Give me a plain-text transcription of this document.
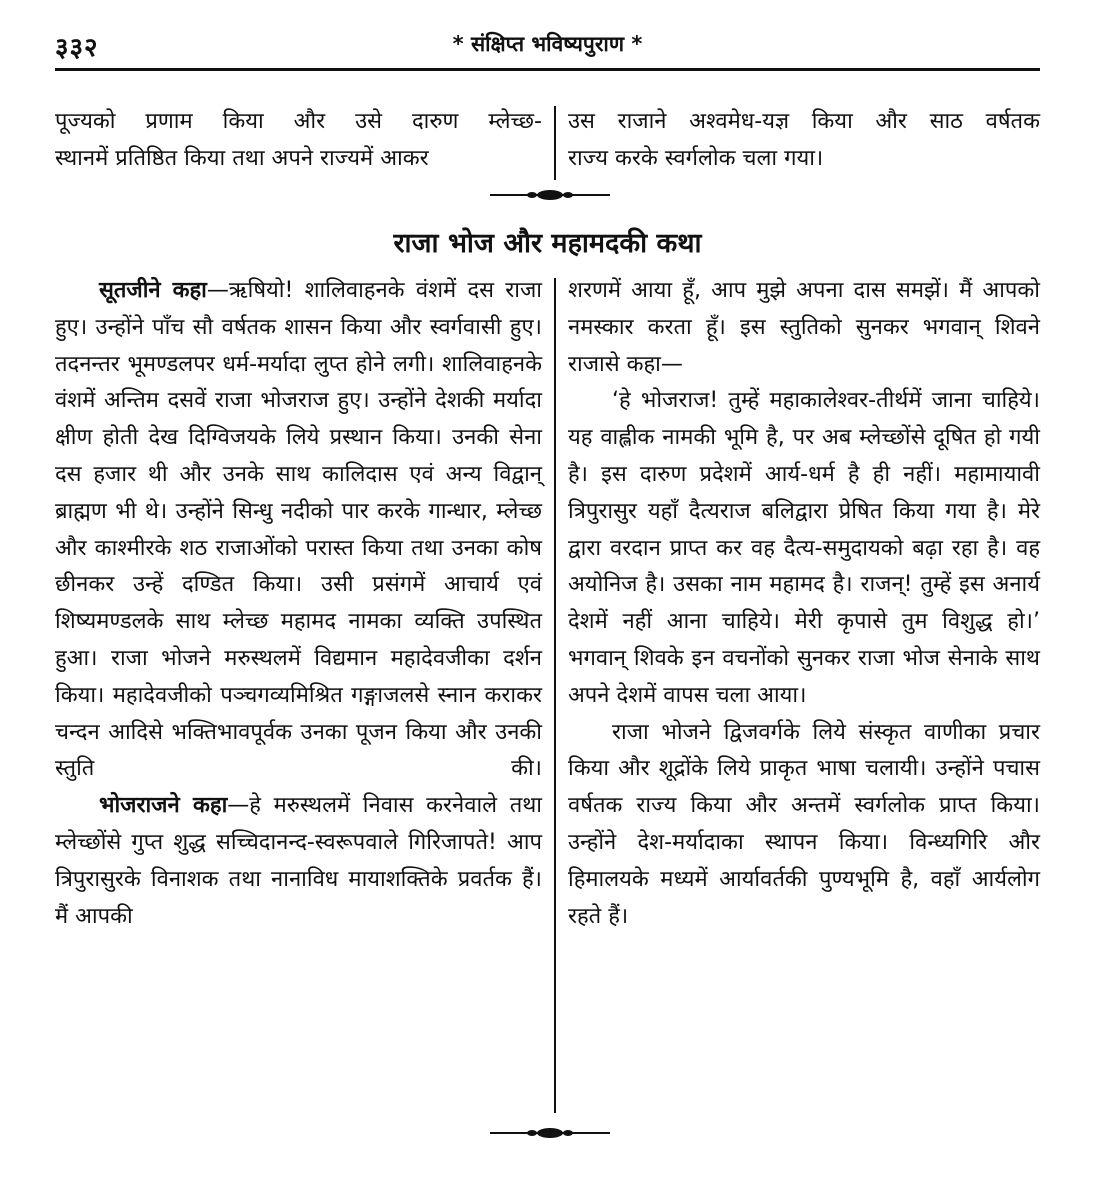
३३२	* संक्षिप्त भविष्यपुराण *

पूज्यको प्रणाम किया और उसे दारुण म्लेच्छ-

स्थानमें प्रतिष्ठित किया तथा अपने राज्यमें आकर

उस राजाने अश्वमेध-यज्ञ किया और साठ वर्षतक

राज्य करके स्वर्गलोक चला गया।

राजा भोज और महामदकी कथा

सूतजीने कहा—ऋषियो! शालिवाहनके वंशमें दस राजा हुए। उन्होंने पाँच सौ वर्षतक शासन किया और स्वर्गवासी हुए। तदनन्तर भूमण्डलपर धर्म-मर्यादा लुप्त होने लगी। शालिवाहनके वंशमें अन्तिम दसवें राजा भोजराज हुए। उन्होंने देशकी मर्यादा क्षीण होती देख दिग्विजयके लिये प्रस्थान किया। उनकी सेना दस हजार थी और उनके साथ कालिदास एवं अन्य विद्वान् ब्राह्मण भी थे। उन्होंने सिन्धु नदीको पार करके गान्धार, म्लेच्छ और काश्मीरके शठ राजाओंको परास्त किया तथा उनका कोष छीनकर उन्हें दण्डित किया। उसी प्रसंगमें आचार्य एवं शिष्यमण्डलके साथ म्लेच्छ महामद नामका व्यक्ति उपस्थित हुआ। राजा भोजने मरुस्थलमें विद्यमान महादेवजीका दर्शन किया। महादेवजीको पञ्चगव्यमिश्रित गङ्गाजलसे स्नान कराकर चन्दन आदिसे भक्तिभावपूर्वक उनका पूजन किया और उनकी स्तुति की।

भोजराजने कहा—हे मरुस्थलमें निवास करनेवाले तथा म्लेच्छोंसे गुप्त शुद्ध सच्चिदानन्द-स्वरूपवाले गिरिजापते! आप त्रिपुरासुरके विनाशक तथा नानाविध मायाशक्तिके प्रवर्तक हैं। मैं आपकी

शरणमें आया हूँ, आप मुझे अपना दास समझें। मैं आपको नमस्कार करता हूँ। इस स्तुतिको सुनकर भगवान् शिवने राजासे कहा—

‘हे भोजराज! तुम्हें महाकालेश्वर-तीर्थमें जाना चाहिये। यह वाह्लीक नामकी भूमि है, पर अब म्लेच्छोंसे दूषित हो गयी है। इस दारुण प्रदेशमें आर्य-धर्म है ही नहीं। महामायावी त्रिपुरासुर यहाँ दैत्यराज बलिद्वारा प्रेषित किया गया है। मेरे द्वारा वरदान प्राप्त कर वह दैत्य-समुदायको बढ़ा रहा है। वह अयोनिज है। उसका नाम महामद है। राजन्! तुम्हें इस अनार्य देशमें नहीं आना चाहिये। मेरी कृपासे तुम विशुद्ध हो।’ भगवान् शिवके इन वचनोंको सुनकर राजा भोज सेनाके साथ अपने देशमें वापस चला आया।

राजा भोजने द्विजवर्गके लिये संस्कृत वाणीका प्रचार किया और शूद्रोंके लिये प्राकृत भाषा चलायी। उन्होंने पचास वर्षतक राज्य किया और अन्तमें स्वर्गलोक प्राप्त किया। उन्होंने देश-मर्यादाका स्थापन किया। विन्ध्यगिरि और हिमालयके मध्यमें आर्यावर्तकी पुण्यभूमि है, वहाँ आर्यलोग रहते हैं।
